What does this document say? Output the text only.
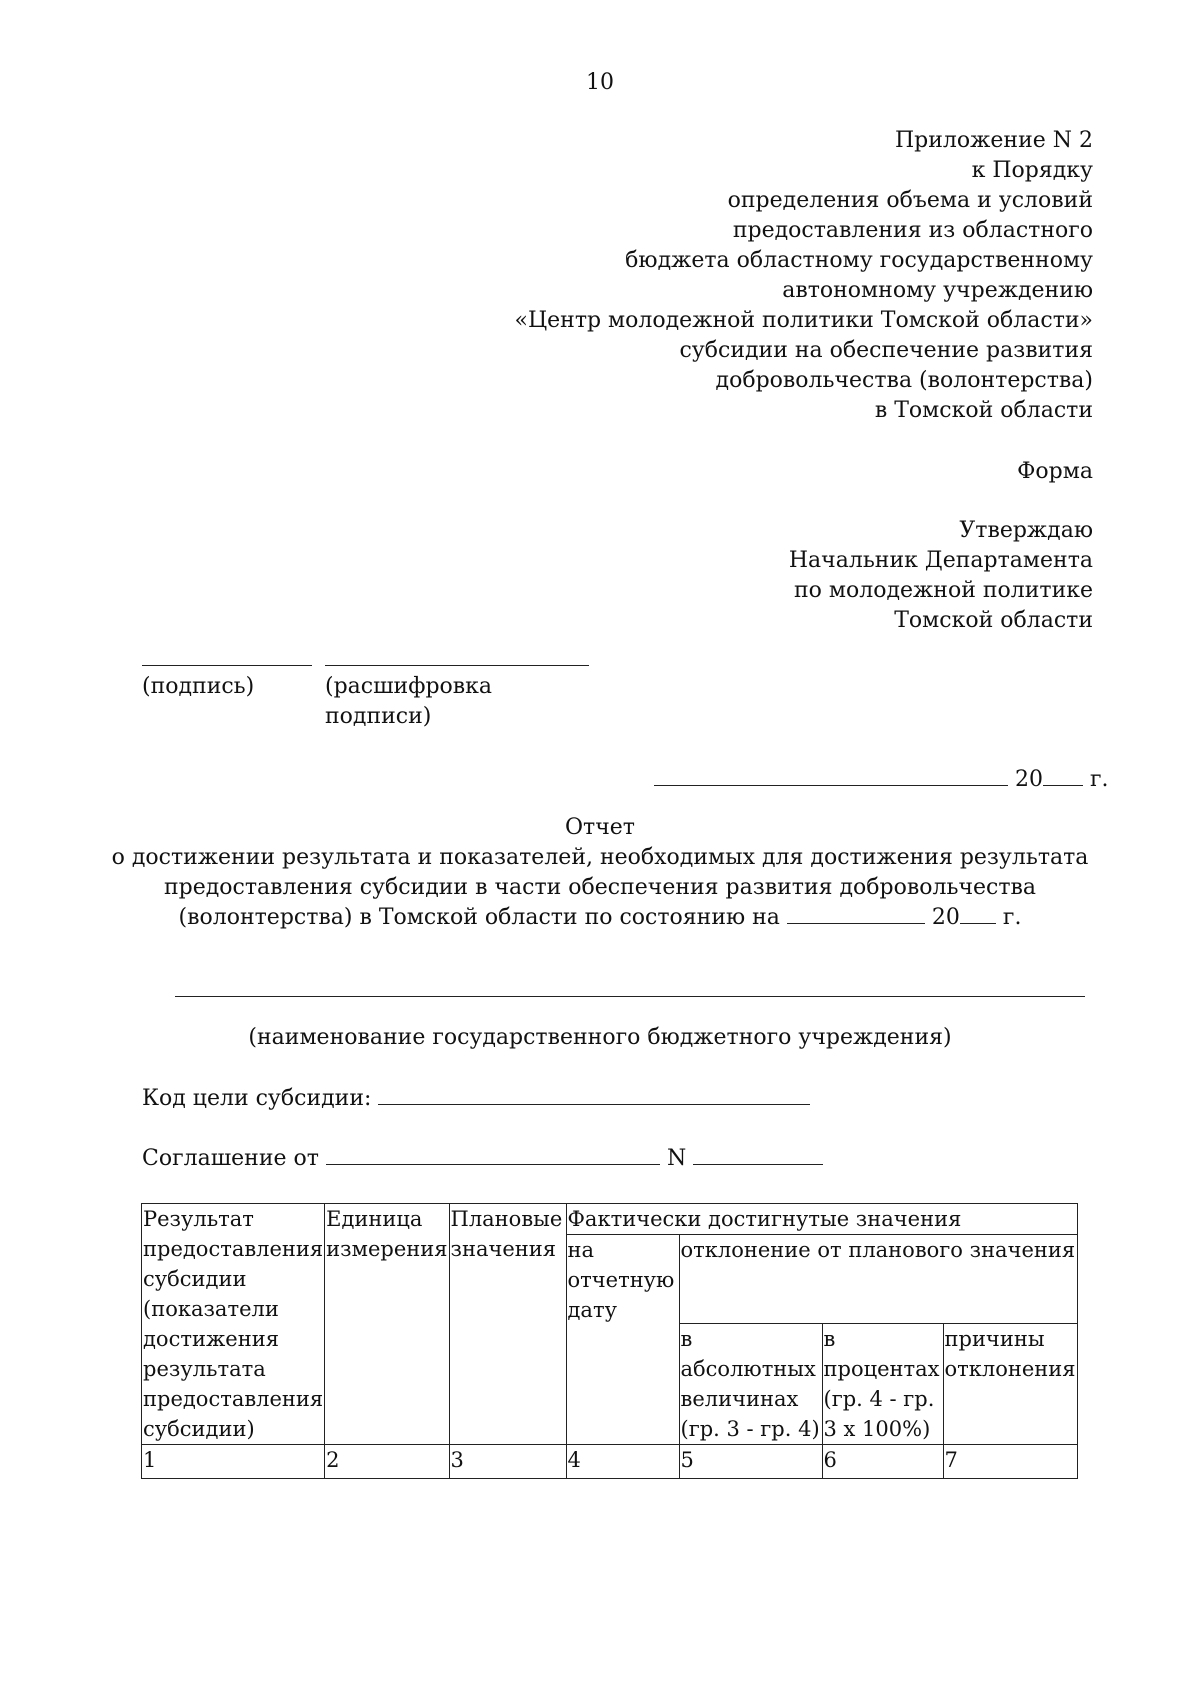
10
Приложение N 2
к Порядку
определения объема и условий
предоставления из областного
бюджета областному государственному
автономному учреждению
«Центр молодежной политики Томской области»
субсидии на обеспечение развития
добровольчества (волонтерства)
в Томской области
Форма
Утверждаю
Начальник Департамента
по молодежной политике
Томской области
(подпись)	(расшифровка
подписи)
20 г.
Отчет
о достижении результата и показателей, необходимых для достижения результата
предоставления субсидии в части обеспечения развития добровольчества
(волонтерства) в Томской области по состоянию на	20 г.
(наименование государственного бюджетного учреждения)
Код цели субсидии:
Соглашение от	N
Результат предоставления субсидии (показатели достижения результата предоставления субсидии)	Единица измерения	Плановые значения	Фактически достигнутые значения			
			на отчетную дату	отклонение от планового значения		
				в абсолютных величинах (гр. 3 - гр. 4)	в процентах (гр. 4 - гр. 3 x 100%)	причины отклонения
1	2	3	4	5	6	7
